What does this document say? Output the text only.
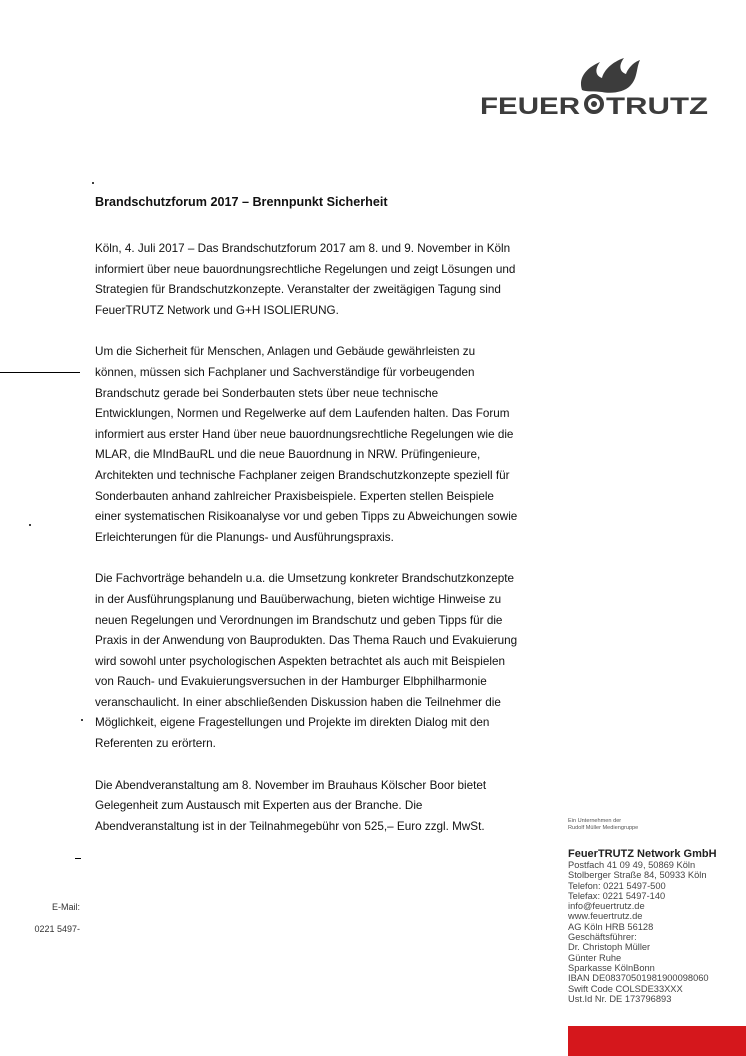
FEUER TRUTZ
Brandschutzforum 2017 – Brennpunkt Sicherheit

Köln, 4. Juli 2017 – Das Brandschutzforum 2017 am 8. und 9. November in Köln
informiert über neue bauordnungsrechtliche Regelungen und zeigt Lösungen und
Strategien für Brandschutzkonzepte. Veranstalter der zweitägigen Tagung sind
FeuerTRUTZ Network und G+H ISOLIERUNG.

Um die Sicherheit für Menschen, Anlagen und Gebäude gewährleisten zu
können, müssen sich Fachplaner und Sachverständige für vorbeugenden
Brandschutz gerade bei Sonderbauten stets über neue technische
Entwicklungen, Normen und Regelwerke auf dem Laufenden halten. Das Forum
informiert aus erster Hand über neue bauordnungsrechtliche Regelungen wie die
MLAR, die MIndBauRL und die neue Bauordnung in NRW. Prüfingenieure,
Architekten und technische Fachplaner zeigen Brandschutzkonzepte speziell für
Sonderbauten anhand zahlreicher Praxisbeispiele. Experten stellen Beispiele
einer systematischen Risikoanalyse vor und geben Tipps zu Abweichungen sowie
Erleichterungen für die Planungs- und Ausführungspraxis.

Die Fachvorträge behandeln u.a. die Umsetzung konkreter Brandschutzkonzepte
in der Ausführungsplanung und Bauüberwachung, bieten wichtige Hinweise zu
neuen Regelungen und Verordnungen im Brandschutz und geben Tipps für die
Praxis in der Anwendung von Bauprodukten. Das Thema Rauch und Evakuierung
wird sowohl unter psychologischen Aspekten betrachtet als auch mit Beispielen
von Rauch- und Evakuierungsversuchen in der Hamburger Elbphilharmonie
veranschaulicht. In einer abschließenden Diskussion haben die Teilnehmer die
Möglichkeit, eigene Fragestellungen und Projekte im direkten Dialog mit den
Referenten zu erörtern.

Die Abendveranstaltung am 8. November im Brauhaus Kölscher Boor bietet
Gelegenheit zum Austausch mit Experten aus der Branche. Die
Abendveranstaltung ist in der Teilnahmegebühr von 525,– Euro zzgl. MwSt.

E-Mail:
0221 5497-
Ein Unternehmen der
Rudolf Müller Mediengruppe
FeuerTRUTZ Network GmbH
Postfach 41 09 49, 50869 Köln
Stolberger Straße 84, 50933 Köln
Telefon: 0221 5497-500
Telefax: 0221 5497-140
info@feuertrutz.de
www.feuertrutz.de
AG Köln HRB 56128
Geschäftsführer:
Dr. Christoph Müller
Günter Ruhe
Sparkasse KölnBonn
IBAN DE08370501981900098060
Swift Code COLSDE33XXX
Ust.Id Nr. DE 173796893
